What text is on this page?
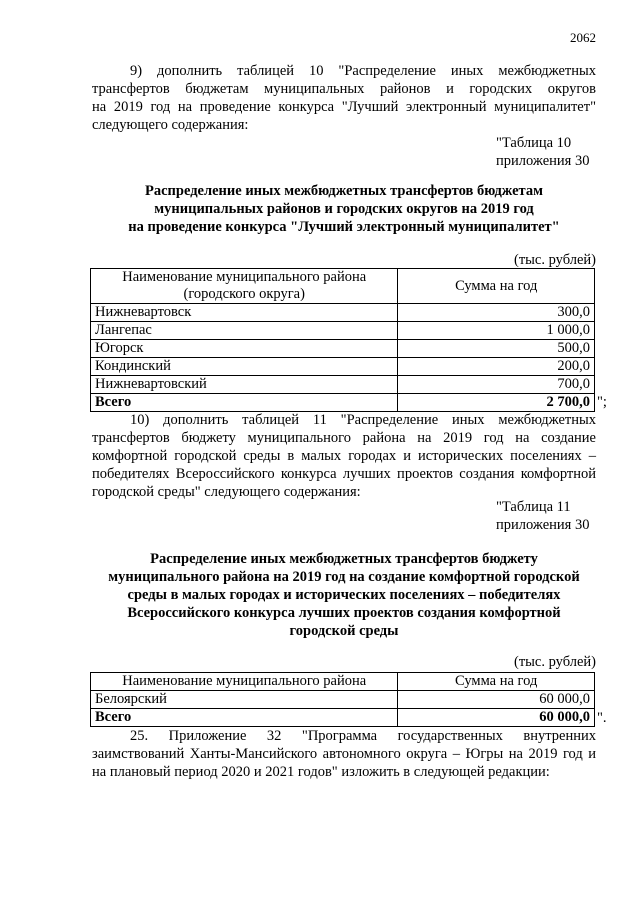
2062
9) дополнить таблицей 10 "Распределение иных межбюджетных
трансфертов бюджетам муниципальных районов и городских округов
на 2019 год на проведение конкурса "Лучший электронный муниципалитет"
следующего содержания:
"Таблица 10
приложения 30
Распределение иных межбюджетных трансфертов бюджетам
муниципальных районов и городских округов на 2019 год
на проведение конкурса "Лучший электронный муниципалитет"
(тыс. рублей)
Наименование муниципального района
(городского округа)	Сумма на год
Нижневартовск	300,0
Лангепас	1 000,0
Югорск	500,0
Кондинский	200,0
Нижневартовский	700,0
Всего	2 700,0 ";
10) дополнить таблицей 11 "Распределение иных межбюджетных
трансфертов бюджету муниципального района на 2019 год на создание
комфортной городской среды в малых городах и исторических поселениях –
победителях Всероссийского конкурса лучших проектов создания комфортной
городской среды" следующего содержания:
"Таблица 11
приложения 30
Распределение иных межбюджетных трансфертов бюджету
муниципального района на 2019 год на создание комфортной городской
среды в малых городах и исторических поселениях – победителях
Всероссийского конкурса лучших проектов создания комфортной
городской среды
(тыс. рублей)
Наименование муниципального района	Сумма на год
Белоярский	60 000,0
Всего	60 000,0 ".
25. Приложение 32 "Программа государственных внутренних
заимствований Ханты-Мансийского автономного округа – Югры на 2019 год и
на плановый период 2020 и 2021 годов" изложить в следующей редакции:
